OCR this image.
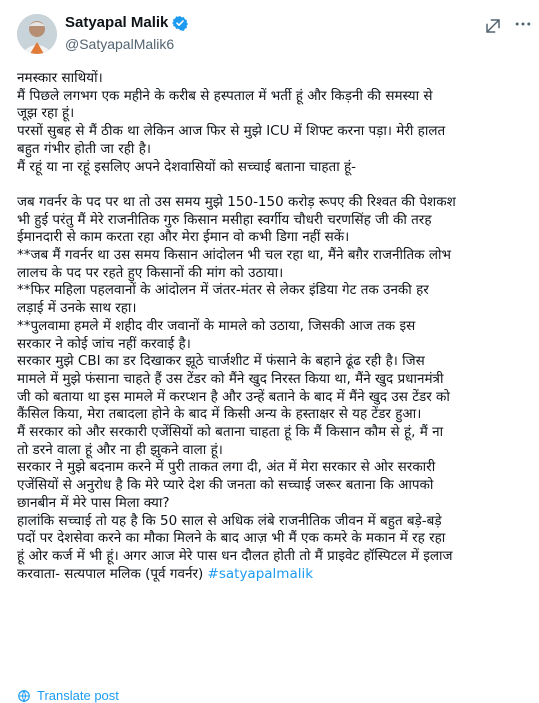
Satyapal Malik
@SatyapalMalik6

नमस्कार साथियों।

मैं पिछले लगभग एक महीने के करीब से हस्पताल में भर्ती हूं और किड़नी की समस्या से

जूझ रहा हूं।

परसों सुबह से मैं ठीक था लेकिन आज फिर से मुझे ICU में शिफ्ट करना पड़ा। मेरी हालत

बहुत गंभीर होती जा रही है।

मैं रहूं या ना रहूं इसलिए अपने देशवासियों को सच्चाई बताना चाहता हूं-

जब गवर्नर के पद पर था तो उस समय मुझे 150-150 करोड़ रूपए की रिश्वत की पेशकश

भी हुई परंतु मैं मेरे राजनीतिक गुरु किसान मसीहा स्वर्गीय चौधरी चरणसिंह जी की तरह

ईमानदारी से काम करता रहा और मेरा ईमान वो कभी डिगा नहीं सकें।

**जब मैं गवर्नर था उस समय किसान आंदोलन भी चल रहा था, मैंने बग़ैर राजनीतिक लोभ

लालच के पद पर रहते हुए किसानों की मांग को उठाया।

**फिर महिला पहलवानों के आंदोलन में जंतर-मंतर से लेकर इंडिया गेट तक उनकी हर

लड़ाई में उनके साथ रहा।

**पुलवामा हमले में शहीद वीर जवानों के मामले को उठाया, जिसकी आज तक इस

सरकार ने कोई जांच नहीं करवाई है।

सरकार मुझे CBI का डर दिखाकर झूठे चार्जशीट में फंसाने के बहाने ढूंढ रही है। जिस

मामले में मुझे फंसाना चाहते हैं उस टेंडर को मैंने खुद निरस्त किया था, मैंने खुद प्रधानमंत्री

जी को बताया था इस मामले में करप्शन है और उन्हें बताने के बाद में मैंने खुद उस टेंडर को

कैंसिल किया, मेरा तबादला होने के बाद में किसी अन्य के हस्ताक्षर से यह टेंडर हुआ।

मैं सरकार को और सरकारी एजेंसियों को बताना चाहता हूं कि मैं किसान कौम से हूं, मैं ना

तो डरने वाला हूं और ना ही झुकने वाला हूं।

सरकार ने मुझे बदनाम करने में पुरी ताकत लगा दी, अंत में मेरा सरकार से ओर सरकारी

एजेंसियों से अनुरोध है कि मेरे प्यारे देश की जनता को सच्चाई जरूर बताना कि आपको

छानबीन में मेरे पास मिला क्या?

हालांकि सच्चाई तो यह है कि 50 साल से अधिक लंबे राजनीतिक जीवन में बहुत बड़े-बड़े

पदों पर देशसेवा करने का मौका मिलने के बाद आज़ भी मैं एक कमरे के मकान में रह रहा

हूं ओर कर्ज में भी हूं। अगर आज मेरे पास धन दौलत होती तो मैं प्राइवेट हॉस्पिटल में इलाज

करवाता- सत्यपाल मलिक (पूर्व गवर्नर) #satyapalmalik

Translate post
